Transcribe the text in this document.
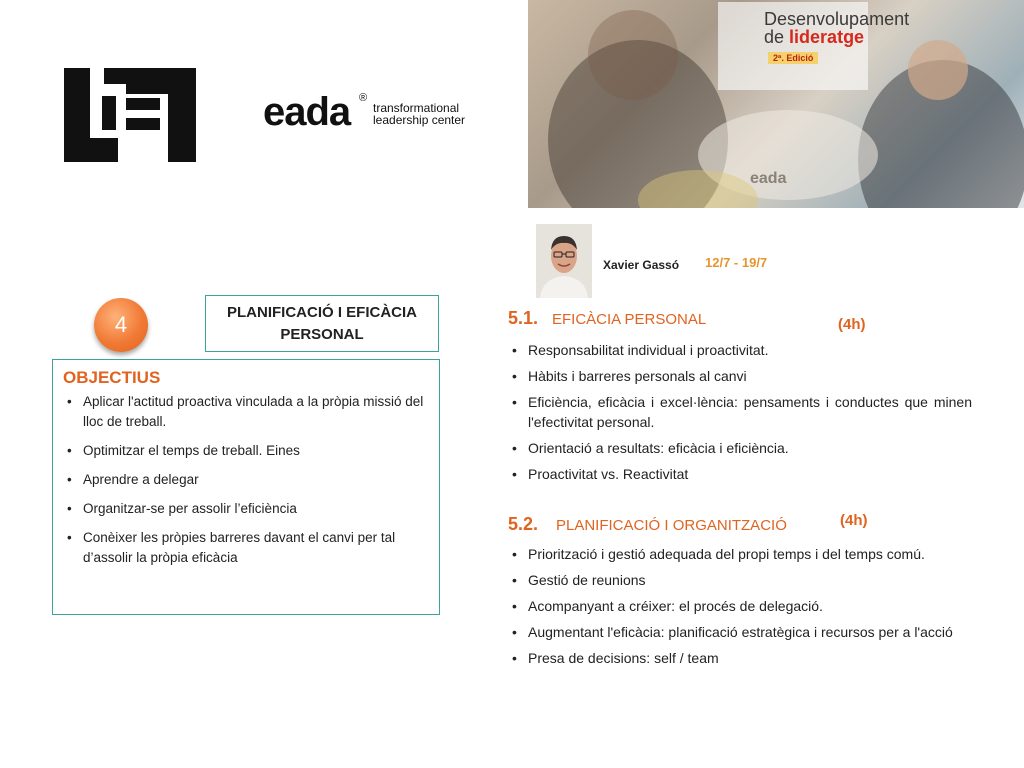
eada ®
transformational
leadership center
Desenvolupament
de lideratge
2ª. Edició
eada
Xavier Gassó 12/7 - 19/7
4	PLANIFICACIÓ I EFICÀCIA PERSONAL
OBJECTIUS
• Aplicar l'actitud proactiva vinculada a la pròpia missió del lloc de treball.
• Optimitzar el temps de treball. Eines
• Aprendre a delegar
• Organitzar-se per assolir l’eficiència
• Conèixer les pròpies barreres davant el canvi per tal d’assolir la pròpia eficàcia
5.1. EFICÀCIA PERSONAL	(4h)
• Responsabilitat individual i proactivitat.
• Hàbits i barreres personals al canvi
• Eficiència, eficàcia i excel·lència: pensaments i conductes que minen l'efectivitat personal.
• Orientació a resultats: eficàcia i eficiència.
• Proactivitat vs. Reactivitat
5.2. PLANIFICACIÓ I ORGANITZACIÓ	(4h)
• Priorització i gestió adequada del propi temps i del temps comú.
• Gestió de reunions
• Acompanyant a créixer: el procés de delegació.
• Augmentant l'eficàcia: planificació estratègica i recursos per a l'acció
• Presa de decisions: self / team
